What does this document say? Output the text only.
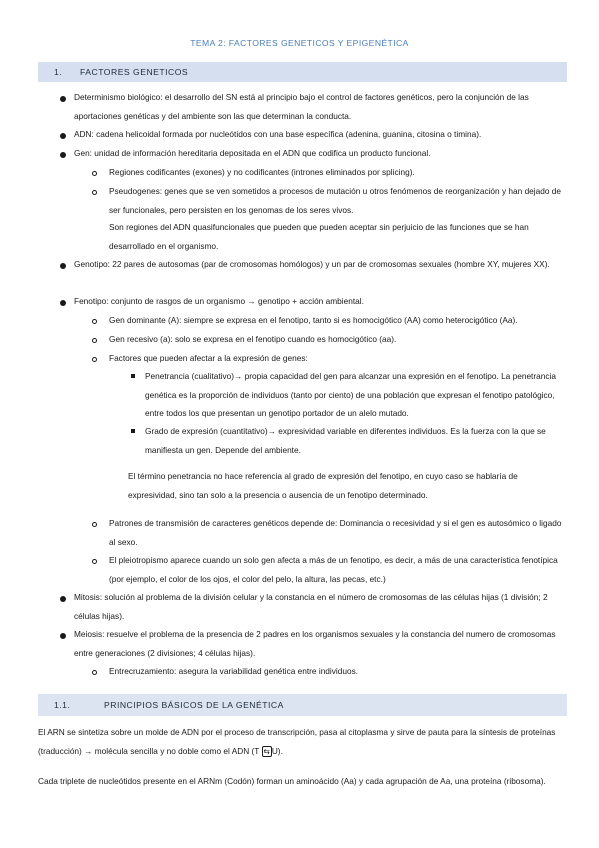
TEMA 2: FACTORES GENETICOS Y EPIGENÉTICA
1. FACTORES GENETICOS
Determinismo biológico: el desarrollo del SN está al principio bajo el control de factores genéticos, pero la conjunción de las aportaciones genéticas y del ambiente son las que determinan la conducta.
ADN: cadena helicoidal formada por nucleótidos con una base específica (adenina, guanina, citosina o timina).
Gen: unidad de información hereditaria depositada en el ADN que codifica un producto funcional.
Regiones codificantes (exones) y no codificantes (intrones eliminados por splicing).
Pseudogenes: genes que se ven sometidos a procesos de mutación u otros fenómenos de reorganización y han dejado de ser funcionales, pero persisten en los genomas de los seres vivos.
Son regiones del ADN quasifuncionales que pueden que pueden aceptar sin perjuicio de las funciones que se han desarrollado en el organismo.
Genotipo: 22 pares de autosomas (par de cromosomas homólogos) y un par de cromosomas sexuales (hombre XY, mujeres XX).
Fenotipo: conjunto de rasgos de un organismo → genotipo + acción ambiental.
Gen dominante (A): siempre se expresa en el fenotipo, tanto si es homocigótico (AA) como heterocigótico (Aa).
Gen recesivo (a): solo se expresa en el fenotipo cuando es homocigótico (aa).
Factores que pueden afectar a la expresión de genes:
Penetrancia (cualitativo)→ propia capacidad del gen para alcanzar una expresión en el fenotipo. La penetrancia genética es la proporción de individuos (tanto por ciento) de una población que expresan el fenotipo patológico, entre todos los que presentan un genotipo portador de un alelo mutado.
Grado de expresión (cuantitativo)→ expresividad variable en diferentes individuos. Es la fuerza con la que se manifiesta un gen. Depende del ambiente.
El término penetrancia no hace referencia al grado de expresión del fenotipo, en cuyo caso se hablaría de expresividad, sino tan solo a la presencia o ausencia de un fenotipo determinado.
Patrones de transmisión de caracteres genéticos depende de: Dominancia o recesividad y si el gen es autosómico o ligado al sexo.
El pleiotropismo aparece cuando un solo gen afecta a más de un fenotipo, es decir, a más de una característica fenotípica (por ejemplo, el color de los ojos, el color del pelo, la altura, las pecas, etc.)
Mitosis: solución al problema de la división celular y la constancia en el número de cromosomas de las células hijas (1 división; 2 células hijas).
Meiosis: resuelve el problema de la presencia de 2 padres en los organismos sexuales y la constancia del numero de cromosomas entre generaciones (2 divisiones; 4 células hijas).
Entrecruzamiento: asegura la variabilidad genética entre individuos.
1.1.	PRINCIPIOS BÁSICOS DE LA GENÉTICA
El ARN se sintetiza sobre un molde de ADN por el proceso de transcripción, pasa al citoplasma y sirve de pauta para la síntesis de proteínas (traducción) → molécula sencilla y no doble como el ADN (T ⇆ U).
Cada triplete de nucleótidos presente en el ARNm (Codón) forman un aminoácido (Aa) y cada agrupación de Aa, una proteína (ribosoma).
